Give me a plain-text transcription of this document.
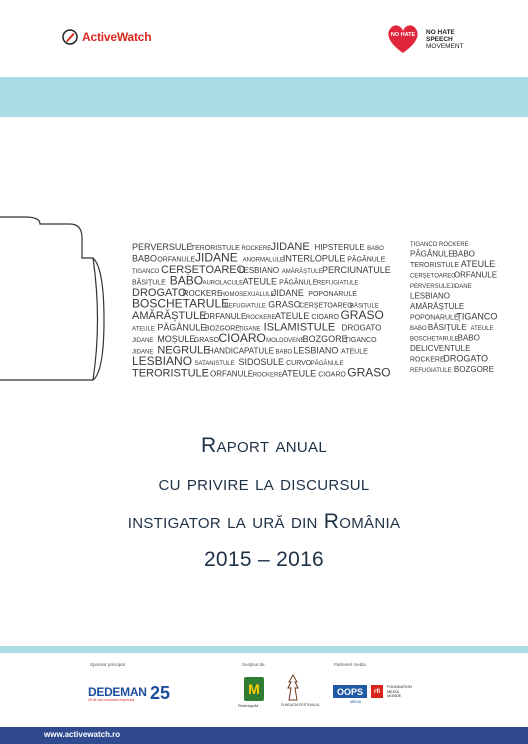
ActiveWatch	NO HATE	NO HATE
SPEECH
MOVEMENT
PERVERSULE
TERORISTULE ROCKERE JIDANE HIPSTERULE BABO
BABO ORFANULE JIDANE ANORMALULE
INTERLOPULE PĂGÂNULE
ȚIGANCO CERȘETOAREO
LESBIANO AMĂRĂȘTULE PERCIUNATULE
BĂSIȚULE BABO AUROLACULE ATEULE PĂGÂNULE REFUGIATULE
DROGATO
ROCKERE
HOMOSEXUALULE
JIDANE POPONARULE
BOSCHETARULE
REFUGIATULE GRASO
CERȘETOAREO
BĂSIȚULE
AMĂRĂȘTULE
ORFANULE ROCKERE ATEULE CIOARO GRASO
ATEULE PĂGÂNULE
BOZGORE
ȚIGANE ISLAMISTULE DROGATO
JIDANE MOȘULE
GRASO CIOARO MOLDOVENE
BOZGORE
ȚIGANCO
JIDANE NEGRULE
HANDICAPATULE BABO LESBIANO ATEULE
LESBIANO SATANISTULE SIDOSULE CURVO PĂGÂNULE
TERORISTULE ORFANULE ROCKERE ATEULE CIOARO GRASO
ȚIGANCO ROCKERE
PĂGÂNULE BABO
TERORISTULE ATEULE
CERȘETOAREO
ORFANULE
PERVERSULE JIDANE
LESBIANO
AMĂRĂȘTULE
POPONARULE
ȚIGANCO
BABO BĂSIȚULE ATEULE
BOSCHETARULE BABO
DELICVENTULE
ROCKERE
DROGATO
REFUGIATULE BOZGORE
Raport anual
cu privire la discursul
instigator la ură din România
2015 – 2016
Sponsor principal
DEDEMAN 25
25 de ani construim împreună
Susținut de
M
RedesignM	FUNDAȚIA FESTIVALUL
Parteneri media
OOPS
MEDIA
rfi
FOUNDATION
MEDIA
MONDE
www.activewatch.ro
